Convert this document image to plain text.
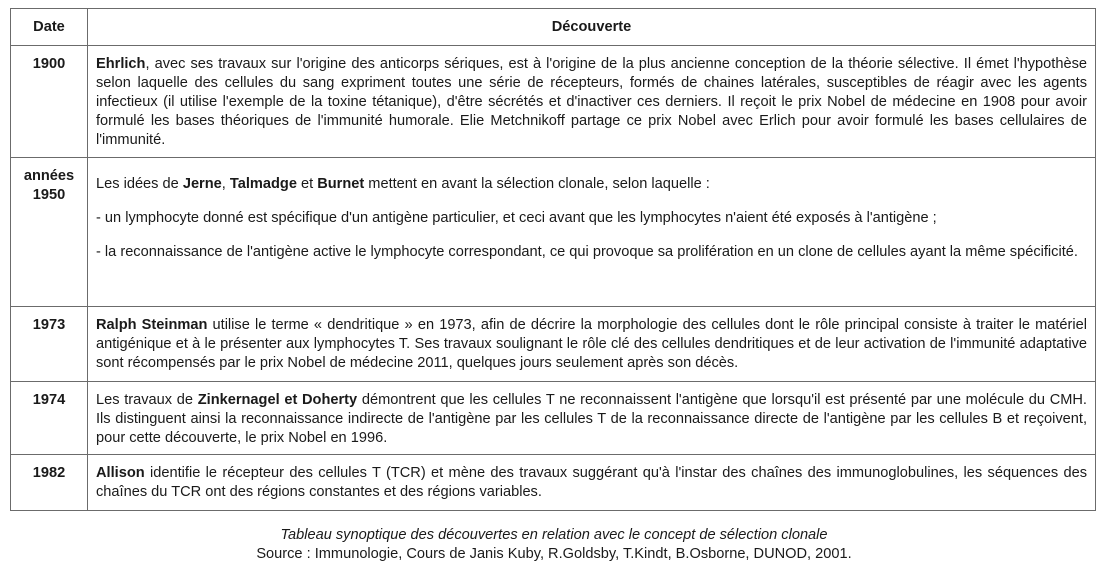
Date	Découverte
1900	Ehrlich, avec ses travaux sur l'origine des anticorps sériques, est à l'origine de la plus ancienne conception de la théorie sélective. Il émet l'hypothèse selon laquelle des cellules du sang expriment toutes une série de récepteurs, formés de chaines latérales, susceptibles de réagir avec les agents infectieux (il utilise l'exemple de la toxine tétanique), d'être sécrétés et d'inactiver ces derniers. Il reçoit le prix Nobel de médecine en 1908 pour avoir formulé les bases théoriques de l'immunité humorale. Elie Metchnikoff partage ce prix Nobel avec Erlich pour avoir formulé les bases cellulaires de l'immunité.

années 1950	Les idées de Jerne, Talmadge et Burnet mettent en avant la sélection clonale, selon laquelle :

- un lymphocyte donné est spécifique d'un antigène particulier, et ceci avant que les lymphocytes n'aient été exposés à l'antigène ;

- la reconnaissance de l'antigène active le lymphocyte correspondant, ce qui provoque sa prolifération en un clone de cellules ayant la même spécificité.

1973	Ralph Steinman utilise le terme « dendritique » en 1973, afin de décrire la morphologie des cellules dont le rôle principal consiste à traiter le matériel antigénique et à le présenter aux lymphocytes T. Ses travaux soulignant le rôle clé des cellules dendritiques et de leur activation de l'immunité adaptative sont récompensés par le prix Nobel de médecine 2011, quelques jours seulement après son décès.

1974	Les travaux de Zinkernagel et Doherty démontrent que les cellules T ne reconnaissent l'antigène que lorsqu'il est présenté par une molécule du CMH. Ils distinguent ainsi la reconnaissance indirecte de l'antigène par les cellules T de la reconnaissance directe de l'antigène par les cellules B et reçoivent, pour cette découverte, le prix Nobel en 1996.

1982	Allison identifie le récepteur des cellules T (TCR) et mène des travaux suggérant qu'à l'instar des chaînes des immunoglobulines, les séquences des chaînes du TCR ont des régions constantes et des régions variables.

Tableau synoptique des découvertes en relation avec le concept de sélection clonale
Source : Immunologie, Cours de Janis Kuby, R.Goldsby, T.Kindt, B.Osborne, DUNOD, 2001.
